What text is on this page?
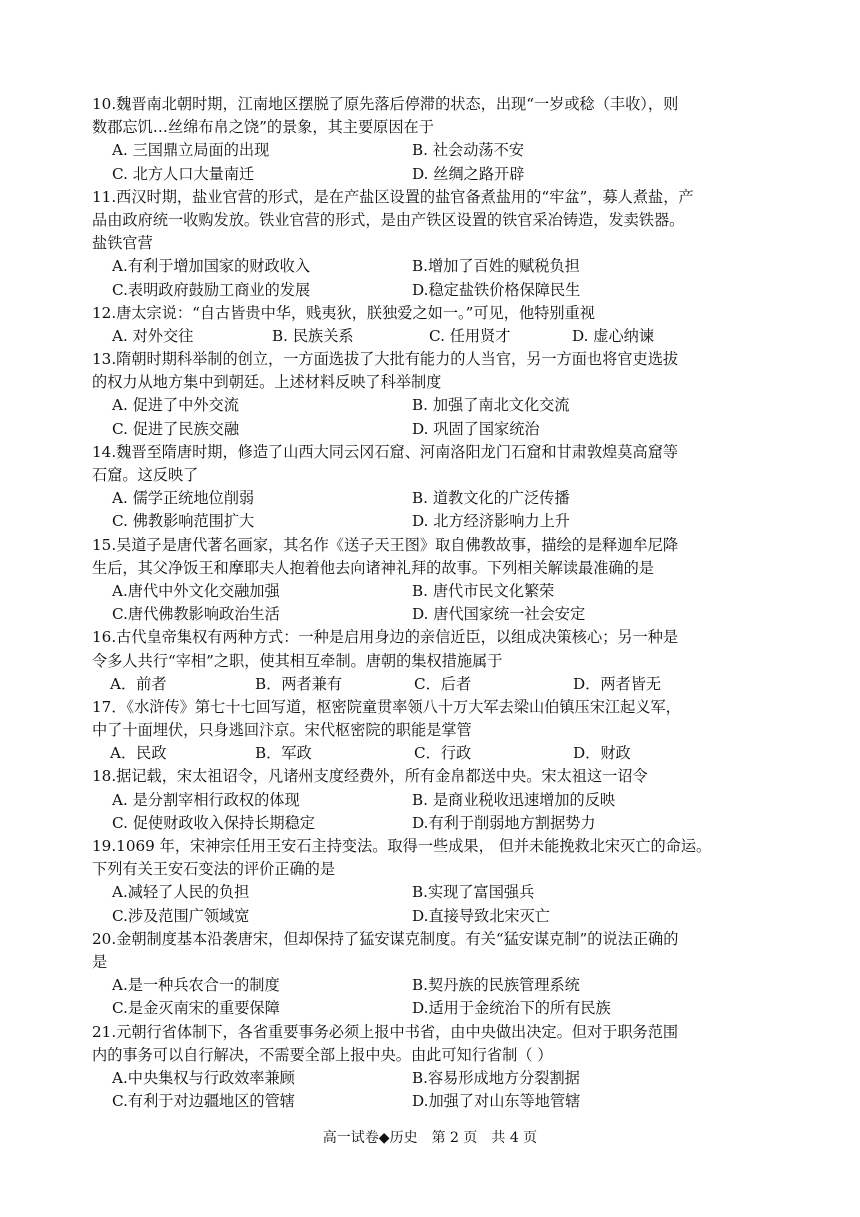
10.魏晋南北朝时期，江南地区摆脱了原先落后停滞的状态，出现“一岁或稔（丰收），则
数郡忘饥…丝绵布帛之饶”的景象，其主要原因在于
A. 三国鼎立局面的出现	B. 社会动荡不安
C. 北方人口大量南迁	D. 丝绸之路开辟
11.西汉时期，盐业官营的形式，是在产盐区设置的盐官备煮盐用的“牢盆”，募人煮盐，产
品由政府统一收购发放。铁业官营的形式，是由产铁区设置的铁官采冶铸造，发卖铁器。
盐铁官营
A.有利于增加国家的财政收入	B.增加了百姓的赋税负担
C.表明政府鼓励工商业的发展	D.稳定盐铁价格保障民生
12.唐太宗说：“自古皆贵中华，贱夷狄，朕独爱之如一。”可见，他特别重视
A. 对外交往	B. 民族关系	C. 任用贤才	D. 虚心纳谏
13.隋朝时期科举制的创立，一方面选拔了大批有能力的人当官，另一方面也将官吏选拔
的权力从地方集中到朝廷。上述材料反映了科举制度
A. 促进了中外交流	B. 加强了南北文化交流
C. 促进了民族交融	D. 巩固了国家统治
14.魏晋至隋唐时期，修造了山西大同云冈石窟、河南洛阳龙门石窟和甘肃敦煌莫高窟等
石窟。这反映了
A. 儒学正统地位削弱	B. 道教文化的广泛传播
C. 佛教影响范围扩大	D. 北方经济影响力上升
15.吴道子是唐代著名画家，其名作《送子天王图》取自佛教故事，描绘的是释迦牟尼降
生后，其父净饭王和摩耶夫人抱着他去向诸神礼拜的故事。下列相关解读最准确的是
A.唐代中外文化交融加强	B. 唐代市民文化繁荣
C.唐代佛教影响政治生活	D. 唐代国家统一社会安定
16.古代皇帝集权有两种方式：一种是启用身边的亲信近臣，以组成决策核心；另一种是
令多人共行“宰相”之职，使其相互牵制。唐朝的集权措施属于
A．前者	B．两者兼有	C．后者	D．两者皆无
17．《水浒传》第七十七回写道，枢密院童贯率领八十万大军去梁山伯镇压宋江起义军，
中了十面埋伏，只身逃回汴京。宋代枢密院的职能是掌管
A．民政	B．军政	C．行政	D．财政
18.据记载，宋太祖诏令，凡诸州支度经费外，所有金帛都送中央。宋太祖这一诏令
A. 是分割宰相行政权的体现	B. 是商业税收迅速增加的反映
C. 促使财政收入保持长期稳定	D.有利于削弱地方割据势力
19.1069 年，宋神宗任用王安石主持变法。取得一些成果， 但并未能挽救北宋灭亡的命运。
下列有关王安石变法的评价正确的是
A.减轻了人民的负担	B.实现了富国强兵
C.涉及范围广领域宽	D.直接导致北宋灭亡
20.金朝制度基本沿袭唐宋，但却保持了猛安谋克制度。有关“猛安谋克制”的说法正确的
是
A.是一种兵农合一的制度	B.契丹族的民族管理系统
C.是金灭南宋的重要保障	D.适用于金统治下的所有民族
21.元朝行省体制下，各省重要事务必须上报中书省，由中央做出决定。但对于职务范围
内的事务可以自行解决，不需要全部上报中央。由此可知行省制（ ）
A.中央集权与行政效率兼顾	B.容易形成地方分裂割据
C.有利于对边疆地区的管辖	D.加强了对山东等地管辖
高一试卷◆历史　第 2 页　共 4 页
